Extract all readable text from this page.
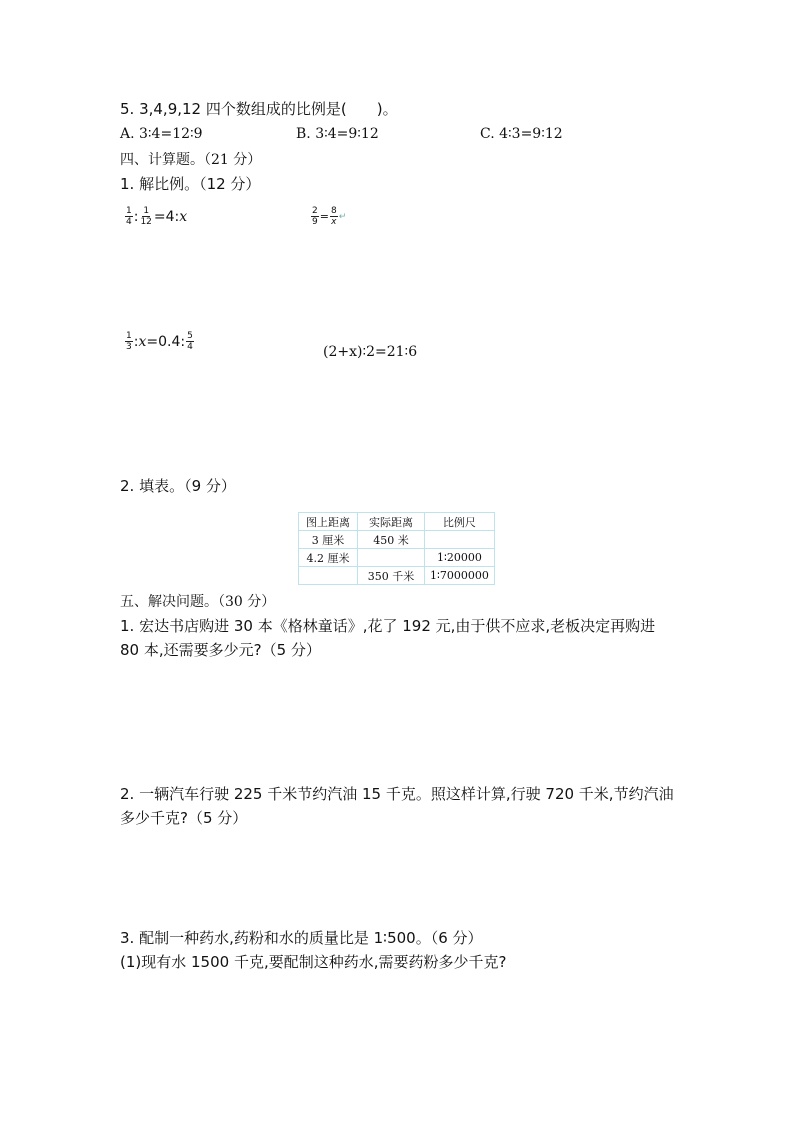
5. 3,4,9,12 四个数组成的比例是(　　)。
A. 3∶4=12∶9	B. 3∶4=9∶12	C. 4∶3=9∶12
四、计算题。（21 分）
1. 解比例。（12 分）
$\frac{1}{4}$ : $\frac{1}{12} =4$: x	$\frac{2}{9} = \frac{8}{x}$ ↵
$\frac{1}{3}$ : x =0.4: $\frac{5}{4}$	(2+x)∶2=21∶6
2. 填表。（9 分）
图上距离	实际距离	比例尺
3 厘米	450 米	
4.2 厘米		1∶20000
	350 千米	1∶7000000
五、解决问题。（30 分）
1. 宏达书店购进 30 本《格林童话》,花了 192 元,由于供不应求,老板决定再购进
80 本,还需要多少元?（5 分）
2. 一辆汽车行驶 225 千米节约汽油 15 千克。照这样计算,行驶 720 千米,节约汽油
多少千克?（5 分）
3. 配制一种药水,药粉和水的质量比是 1∶500。（6 分）
(1)现有水 1500 千克,要配制这种药水,需要药粉多少千克?
